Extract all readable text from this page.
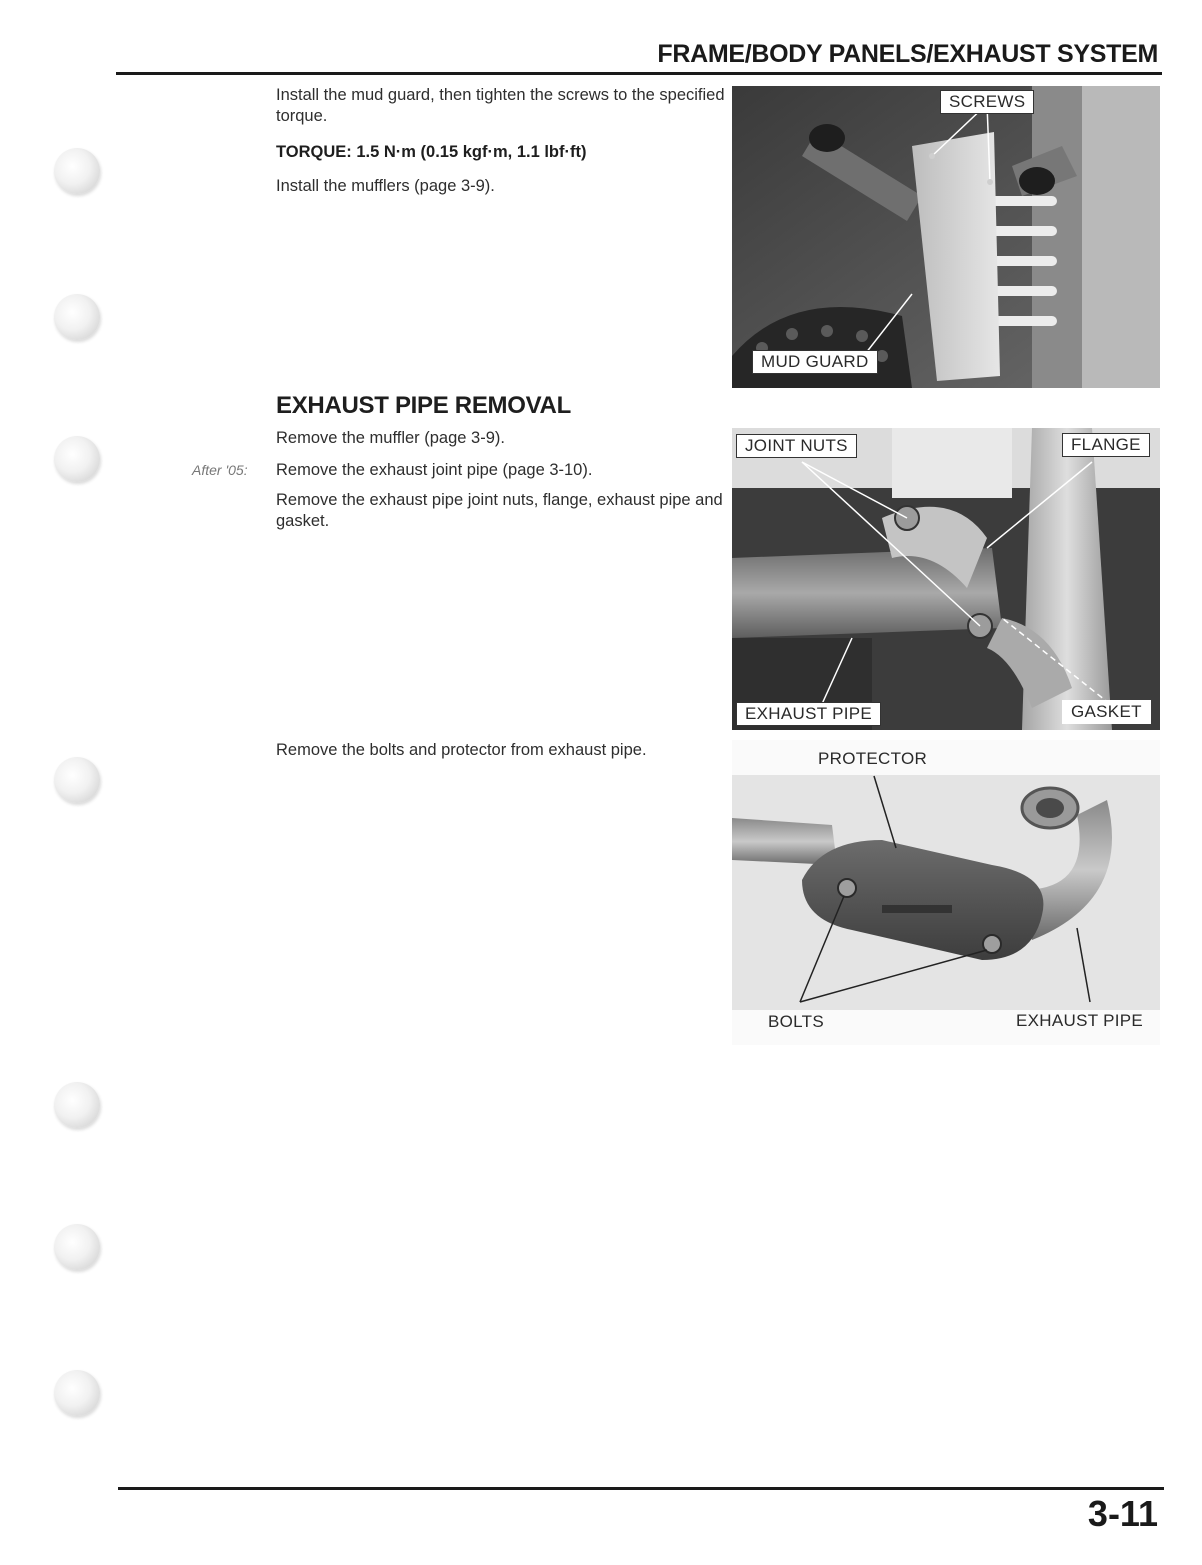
FRAME/BODY PANELS/EXHAUST SYSTEM
Install the mud guard, then tighten the screws to the specified torque.
TORQUE: 1.5 N·m (0.15 kgf·m, 1.1 lbf·ft)
Install the mufflers (page 3-9).
SCREWS
MUD GUARD
EXHAUST PIPE REMOVAL
Remove the muffler (page 3-9).
After '05: Remove the exhaust joint pipe (page 3-10).
Remove the exhaust pipe joint nuts, flange, exhaust pipe and gasket.
JOINT NUTS	FLANGE
EXHAUST PIPE	GASKET
Remove the bolts and protector from exhaust pipe.	PROTECTOR
BOLTS	EXHAUST PIPE
3-11
